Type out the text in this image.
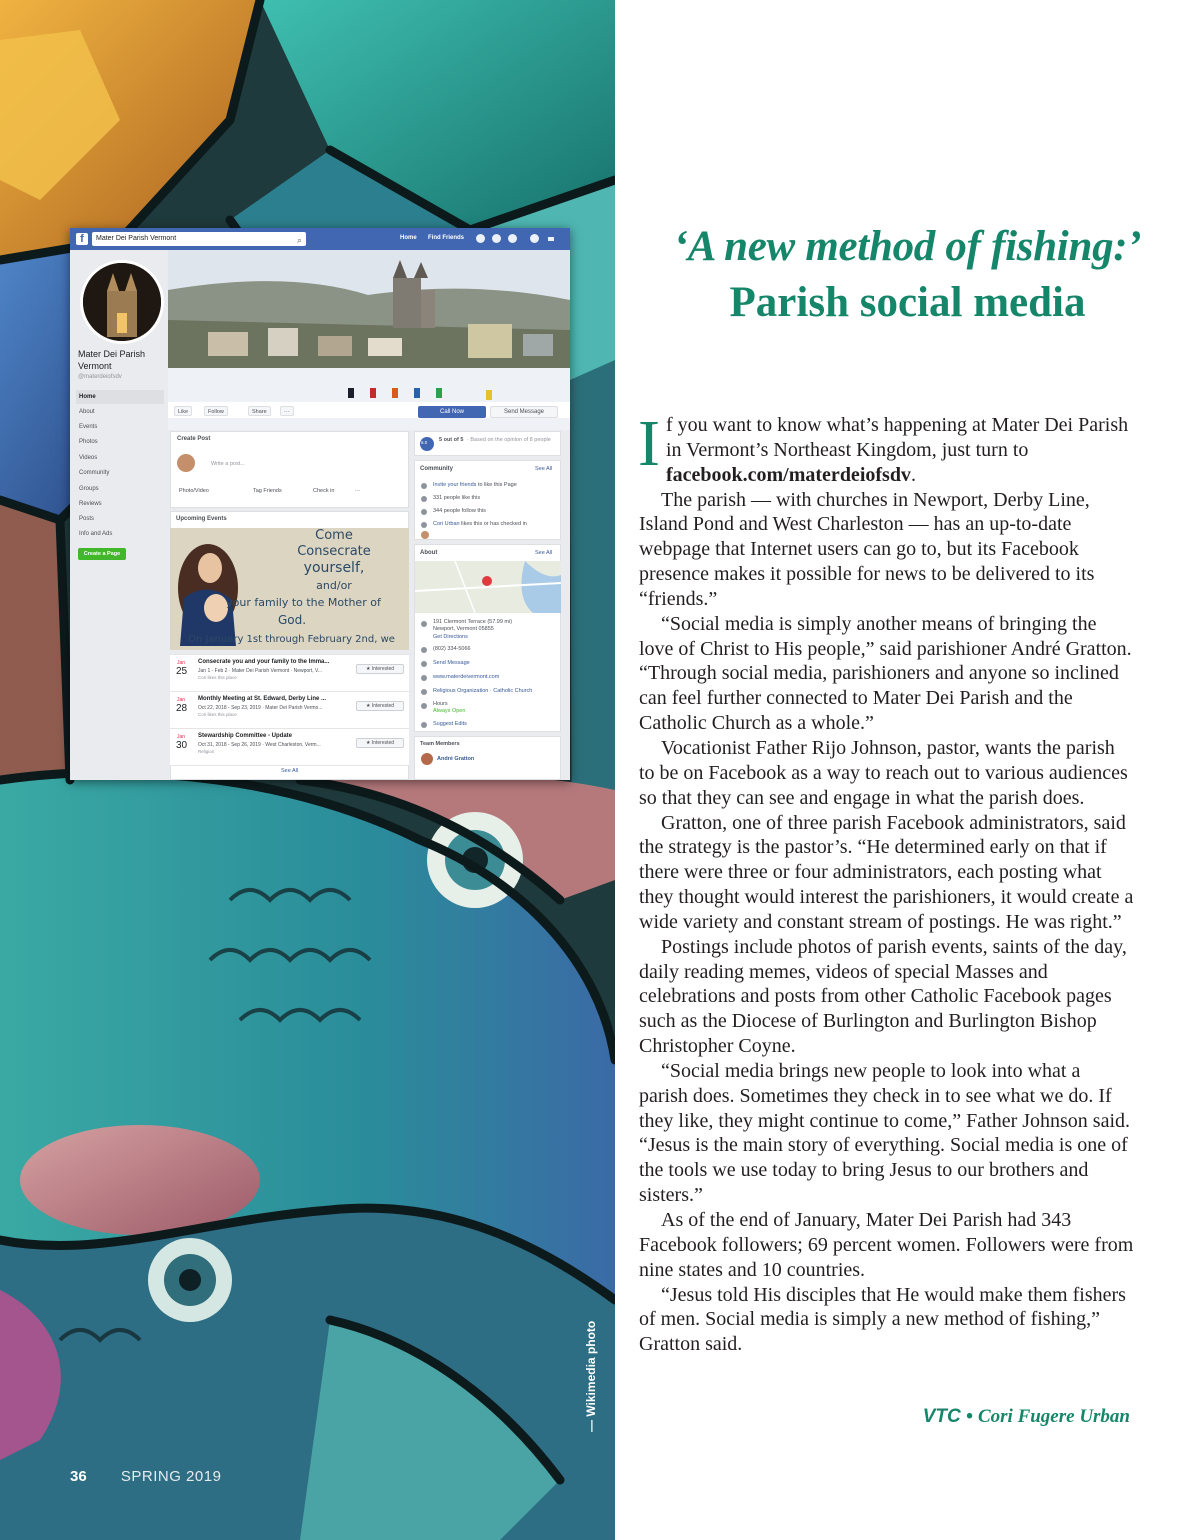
— Wikimedia photo
36 SPRING 2019
f	Mater Dei Parish Vermont	⌕	Home Find Friends
Mater Dei Parish Vermont
@materdeiofsdv
Home
About
Events
Photos
Videos
Community
Groups
Reviews
Posts
Info and Ads
Create a Page
Like	Follow	Share	···	Call Now	Send Message
Create Post
Write a post...
Photo/Video	Tag Friends	Check in	···
Upcoming Events
Come
Consecrate
yourself,
and/or
your family to the Mother of
God.
On January 1st through February 2nd, we
Jan
25
Consecrate you and your family to the Imma...
Jan 1 - Feb 2 · Mater Dei Parish Vermont · Newport, V...
Cori likes this place
★ Interested
Jan
28
Monthly Meeting at St. Edward, Derby Line ...
Oct 22, 2018 - Sep 23, 2019 · Mater Dei Parish Vermo...
Cori likes this place
★ Interested
Jan
30
Stewardship Committee - Update
Oct 31, 2018 - Sep 26, 2019 · West Charleston, Verm...
Religion
★ Interested
See All
5.0 5 out of 5 · Based on the opinion of 8 people
Community	See All
Invite your friends to like this Page
331 people like this
344 people follow this
Cori Urban likes this or has checked in
About	See All
191 Clermont Terrace (57.99 mi)
Newport, Vermont 05855
Get Directions
(802) 334-5066
Send Message
www.materdeivermont.com
Religious Organization · Catholic Church
Hours
Always Open
Suggest Edits
Team Members
André Gratton
‘A new method of fishing:’
Parish social media

If you want to know what’s happening at Mater Dei Parish in Vermont’s Northeast Kingdom, just turn to facebook.com/materdeiofsdv.

The parish — with churches in Newport, Derby Line, Island Pond and West Charleston — has an up-to-date webpage that Internet users can go to, but its Facebook presence makes it possible for news to be delivered to its “friends.”

“Social media is simply another means of bringing the love of Christ to His people,” said parishioner André Gratton. “Through social media, parishioners and anyone so inclined can feel further connected to Mater Dei Parish and the Catholic Church as a whole.”

Vocationist Father Rijo Johnson, pastor, wants the parish to be on Facebook as a way to reach out to various audiences so that they can see and engage in what the parish does.

Gratton, one of three parish Facebook administrators, said the strategy is the pastor’s. “He determined early on that if there were three or four administrators, each posting what they thought would interest the parishioners, it would create a wide variety and constant stream of postings. He was right.”

Postings include photos of parish events, saints of the day, daily reading memes, videos of special Masses and celebrations and posts from other Catholic Facebook pages such as the Diocese of Burlington and Burlington Bishop Christopher Coyne.

“Social media brings new people to look into what a parish does. Sometimes they check in to see what we do. If they like, they might continue to come,” Father Johnson said. “Jesus is the main story of everything. Social media is one of the tools we use today to bring Jesus to our brothers and sisters.”

As of the end of January, Mater Dei Parish had 343 Facebook followers; 69 percent women. Followers were from nine states and 10 countries.

“Jesus told His disciples that He would make them fishers of men. Social media is simply a new method of fishing,” Gratton said.

VTC • Cori Fugere Urban
